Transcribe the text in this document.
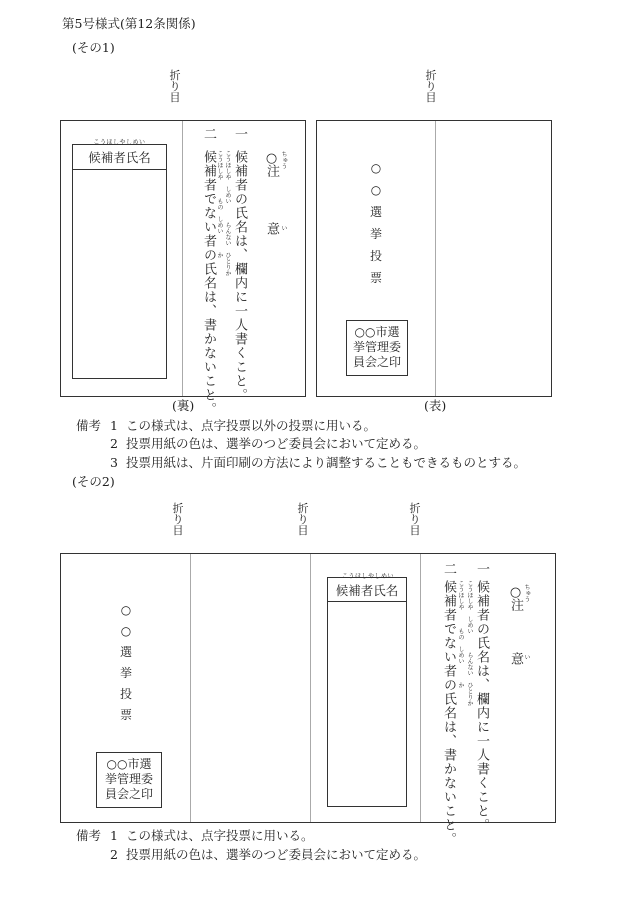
第5号様式(第12条関係)
(その1)
折
り
目
折
り
目
こうほしやしめい
候補者氏名	○ ちゅう
注
い
意
一
こうほしや　しめい　　　らんない　ひとりか 候補者の氏名は、欄内に一人書くこと。
二
こうほしや　　　もの　しめい　　　か
候補者でない者の氏名は、書かないこと。	○
○
選
挙
投
票
○○市選
挙管理委
員会之印
(裏)	(表)
備考 1 この様式は、点字投票以外の投票に用いる。
2 投票用紙の色は、選挙のつど委員会において定める。
3 投票用紙は、片面印刷の方法により調整することもできるものとする。
(その2)
折
り
目
折
り
目
折
り
目
○
○
選
挙
投
票
○○市選
挙管理委
員会之印
こうほしやしめい
候補者氏名	○ ちゅう
注
い
意
一
こうほしや　しめい　　　らんない　ひとりか 候補者の氏名は、欄内に一人書くこと。
二
こうほしや　　　もの　しめい　　　か
候補者でない者の氏名は、書かないこと。
備考 1 この様式は、点字投票に用いる。
2 投票用紙の色は、選挙のつど委員会において定める。
